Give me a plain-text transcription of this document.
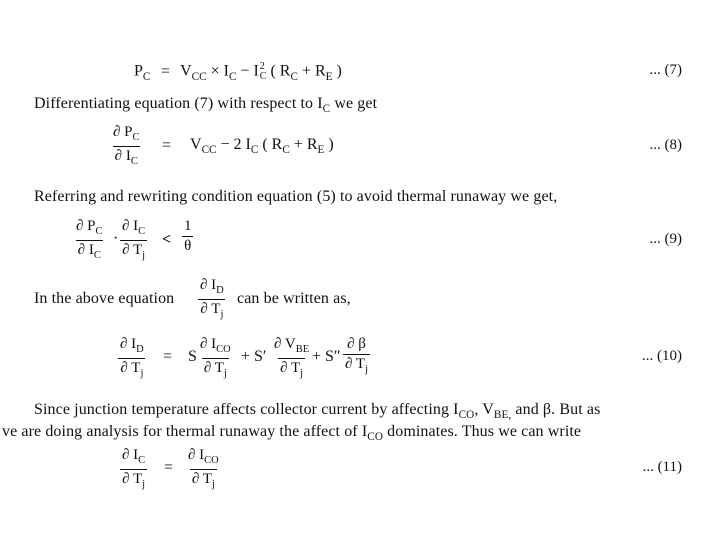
$P_C = V_{CC} \times I_C - I$ 2
C ( $R_C + R_E$ )	... (7)
Differentiating equation (7) with respect to $I_C$ we get
$\frac{\partial P_C}{\partial I_C} = V_{CC} - 2$ $I_C$ ( $R_C + R_E$ )	... (8)
Referring and rewriting condition equation (5) to avoid thermal runaway we get,
$\frac{\partial P_C}{\partial I_C} \cdot \frac{\partial I_C}{\partial T_j} < \frac{1}{\theta}$	... (9)
In the above equation $\frac{\partial I_D}{\partial T_j}$ can be written as,
$\frac{\partial I_D}{\partial T_j} = S$
∂ $I_{CO}$
∂ $T_j$
+ S′
∂ $V_{BE}$
∂ $T_j$
+ $S'' \frac{\partial \beta}{\partial T_j}$	... (10)
Since junction temperature affects collector current by affecting $I_{CO}$, $V_{BE,}$ and β. But as
ve are doing analysis for thermal runaway the affect of $I_{CO}$ dominates. Thus we can write
$\frac{\partial I_C}{\partial T_j}$ =
∂ $I_{CO}$
∂ $T_j$
... (11)
